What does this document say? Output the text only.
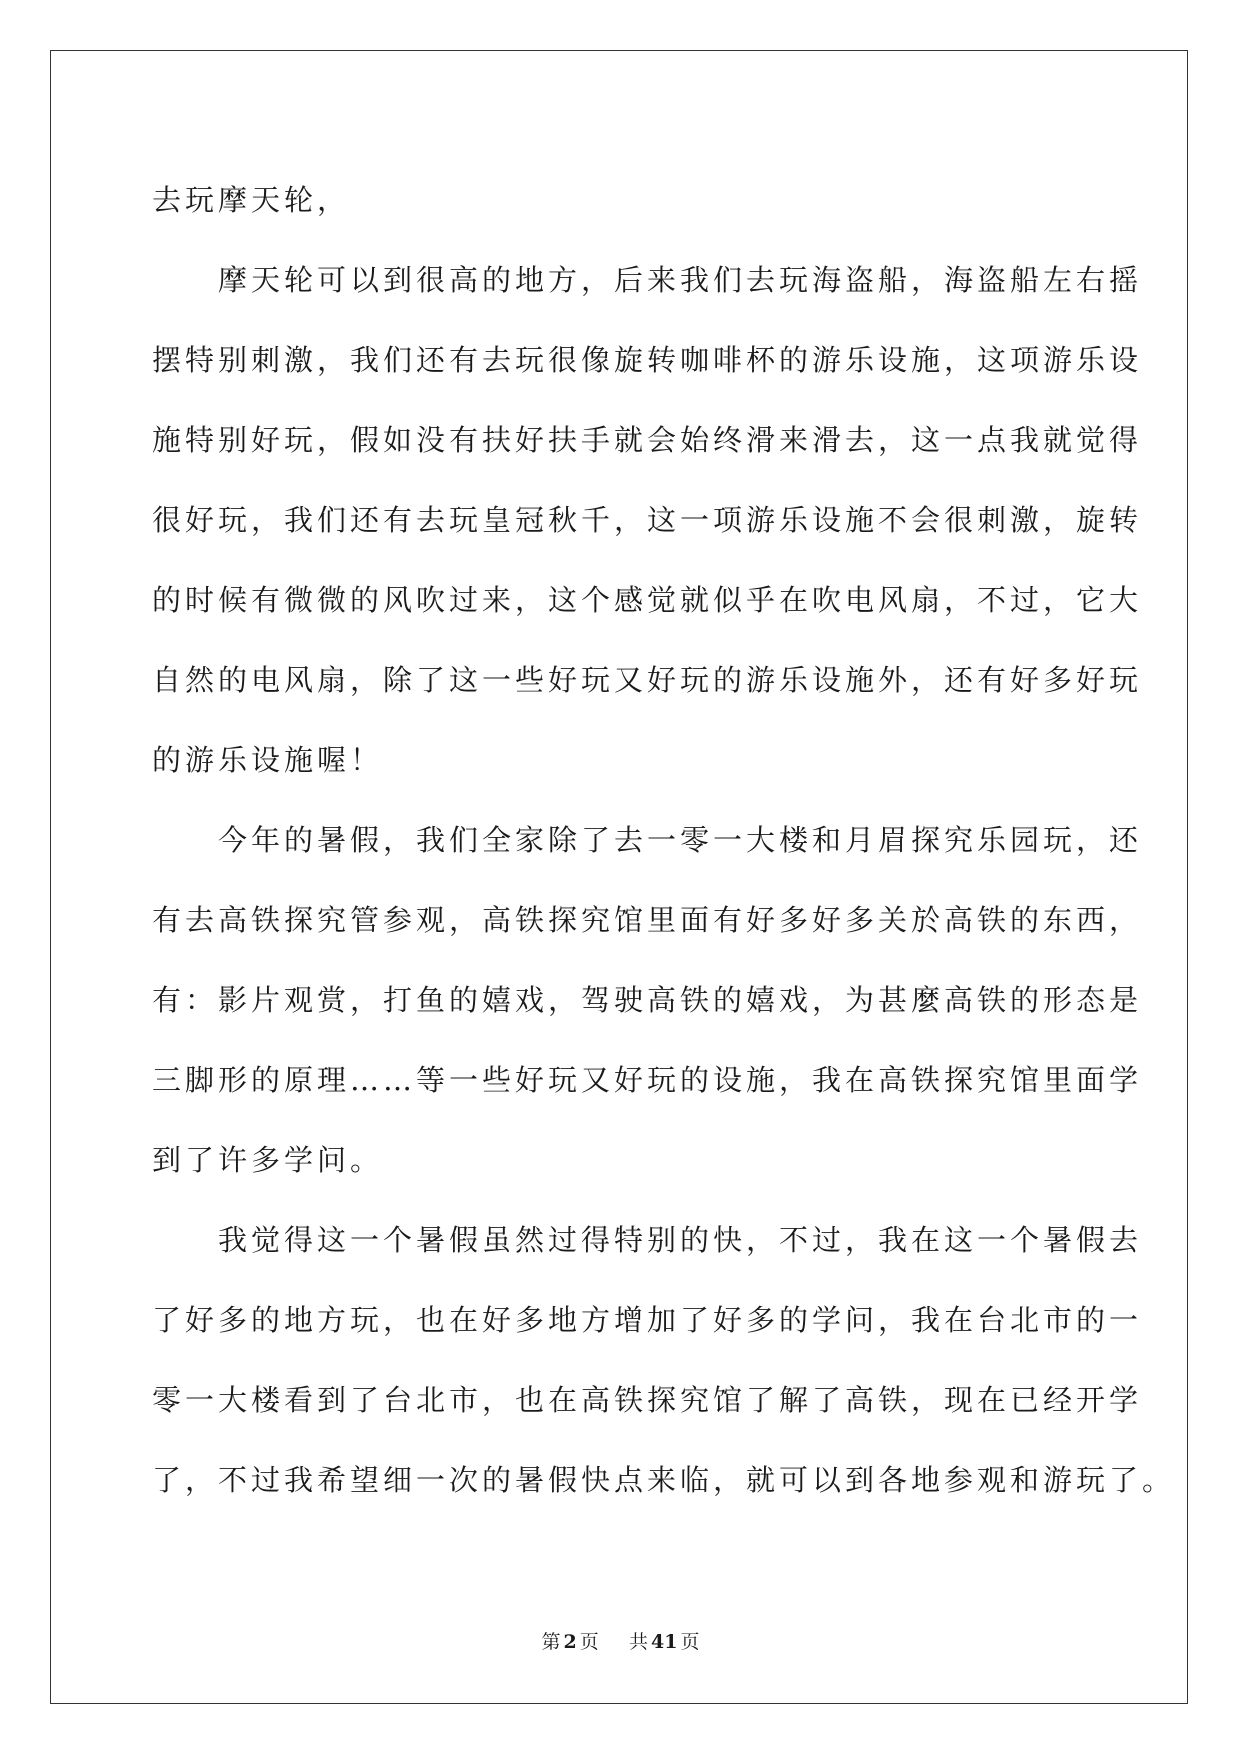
去玩摩天轮，
　　摩天轮可以到很高的地方，后来我们去玩海盗船，海盗船左右摇
摆特别刺激，我们还有去玩很像旋转咖啡杯的游乐设施，这项游乐设
施特别好玩，假如没有扶好扶手就会始终滑来滑去，这一点我就觉得
很好玩，我们还有去玩皇冠秋千，这一项游乐设施不会很刺激，旋转
的时候有微微的风吹过来，这个感觉就似乎在吹电风扇，不过，它大
自然的电风扇，除了这一些好玩又好玩的游乐设施外，还有好多好玩
的游乐设施喔！
　　今年的暑假，我们全家除了去一零一大楼和月眉探究乐园玩，还
有去高铁探究管参观，高铁探究馆里面有好多好多关於高铁的东西，
有：影片观赏，打鱼的嬉戏，驾驶高铁的嬉戏，为甚麼高铁的形态是
三脚形的原理……等一些好玩又好玩的设施，我在高铁探究馆里面学
到了许多学问。
　　我觉得这一个暑假虽然过得特别的快，不过，我在这一个暑假去
了好多的地方玩，也在好多地方增加了好多的学问，我在台北市的一
零一大楼看到了台北市，也在高铁探究馆了解了高铁，现在已经开学
了，不过我希望细一次的暑假快点来临，就可以到各地参观和游玩了。
第 2 页 共 41 页
